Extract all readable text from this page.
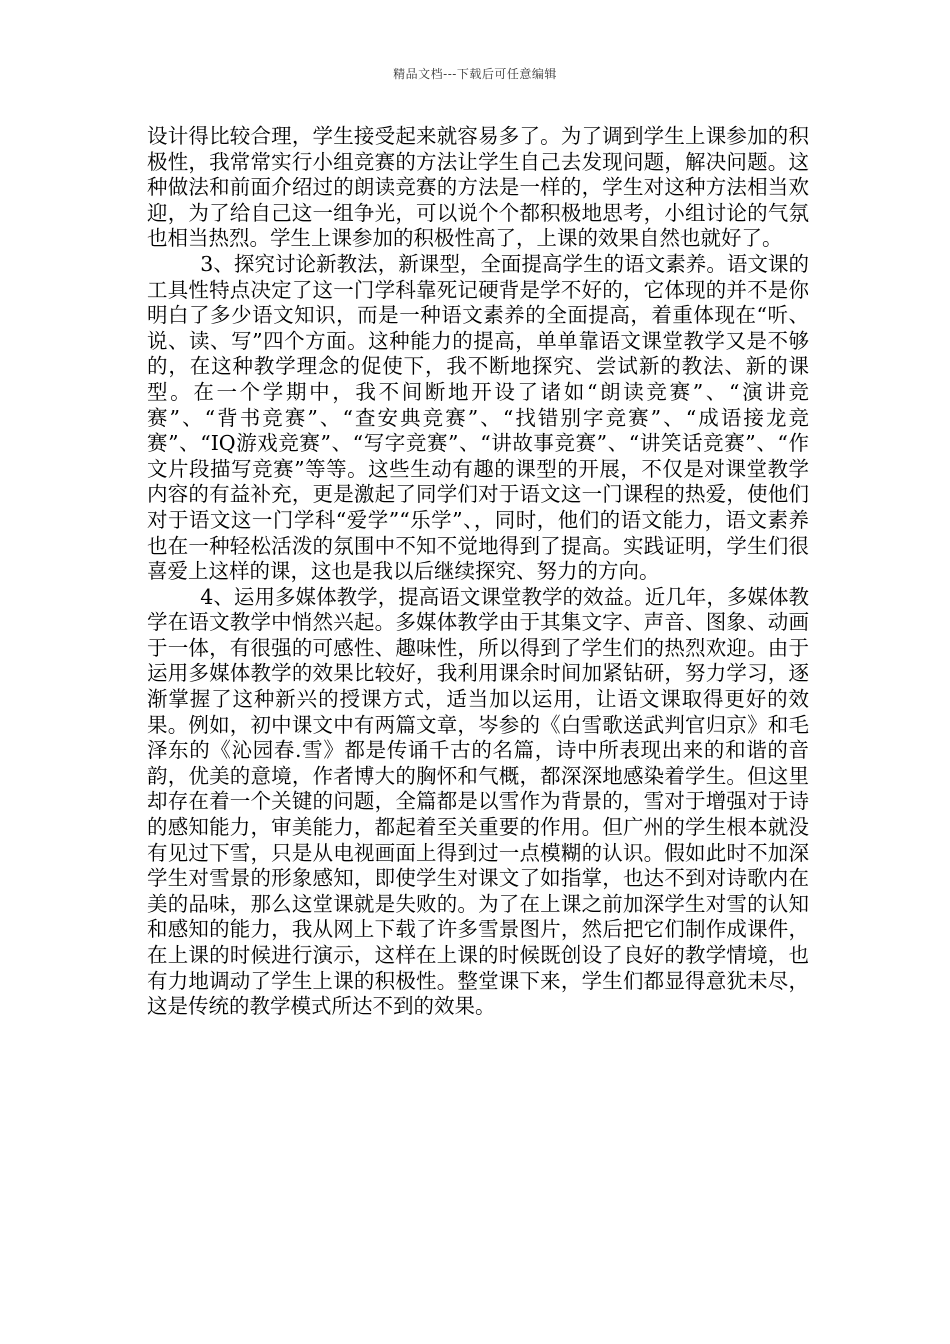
精品文档---下载后可任意编辑

设计得比较合理，学生接受起来就容易多了。为了调到学生上课参加的积极性，我常常实行小组竞赛的方法让学生自己去发现问题，解决问题。这种做法和前面介绍过的朗读竞赛的方法是一样的，学生对这种方法相当欢迎，为了给自己这一组争光，可以说个个都积极地思考，小组讨论的气氛也相当热烈。学生上课参加的积极性高了，上课的效果自然也就好了。

3、探究讨论新教法，新课型，全面提高学生的语文素养。语文课的工具性特点决定了这一门学科靠死记硬背是学不好的，它体现的并不是你明白了多少语文知识，而是一种语文素养的全面提高，着重体现在“听、说、读、写”四个方面。这种能力的提高，单单靠语文课堂教学又是不够的，在这种教学理念的促使下，我不断地探究、尝试新的教法、新的课型。在一个学期中，我不间断地开设了诸如“朗读竞赛”、“演讲竞赛”、“背书竞赛”、“查安典竞赛”、“找错别字竞赛”、“成语接龙竞赛”、“IQ游戏竞赛”、“写字竞赛”、“讲故事竞赛”、“讲笑话竞赛”、“作文片段描写竞赛”等等。这些生动有趣的课型的开展，不仅是对课堂教学内容的有益补充，更是激起了同学们对于语文这一门课程的热爱，使他们对于语文这一门学科“爱学”“乐学”、，同时，他们的语文能力，语文素养也在一种轻松活泼的氛围中不知不觉地得到了提高。实践证明，学生们很喜爱上这样的课，这也是我以后继续探究、努力的方向。

4、运用多媒体教学，提高语文课堂教学的效益。近几年，多媒体教学在语文教学中悄然兴起。多媒体教学由于其集文字、声音、图象、动画于一体，有很强的可感性、趣味性，所以得到了学生们的热烈欢迎。由于运用多媒体教学的效果比较好，我利用课余时间加紧钻研，努力学习，逐渐掌握了这种新兴的授课方式，适当加以运用，让语文课取得更好的效果。例如，初中课文中有两篇文章，岑参的《白雪歌送武判官归京》和毛泽东的《沁园春.雪》都是传诵千古的名篇，诗中所表现出来的和谐的音韵，优美的意境，作者博大的胸怀和气概，都深深地感染着学生。但这里却存在着一个关键的问题，全篇都是以雪作为背景的，雪对于增强对于诗的感知能力，审美能力，都起着至关重要的作用。但广州的学生根本就没有见过下雪，只是从电视画面上得到过一点模糊的认识。假如此时不加深学生对雪景的形象感知，即使学生对课文了如指掌，也达不到对诗歌内在美的品味，那么这堂课就是失败的。为了在上课之前加深学生对雪的认知和感知的能力，我从网上下载了许多雪景图片，然后把它们制作成课件，在上课的时候进行演示，这样在上课的时候既创设了良好的教学情境，也有力地调动了学生上课的积极性。整堂课下来，学生们都显得意犹未尽，这是传统的教学模式所达不到的效果。
